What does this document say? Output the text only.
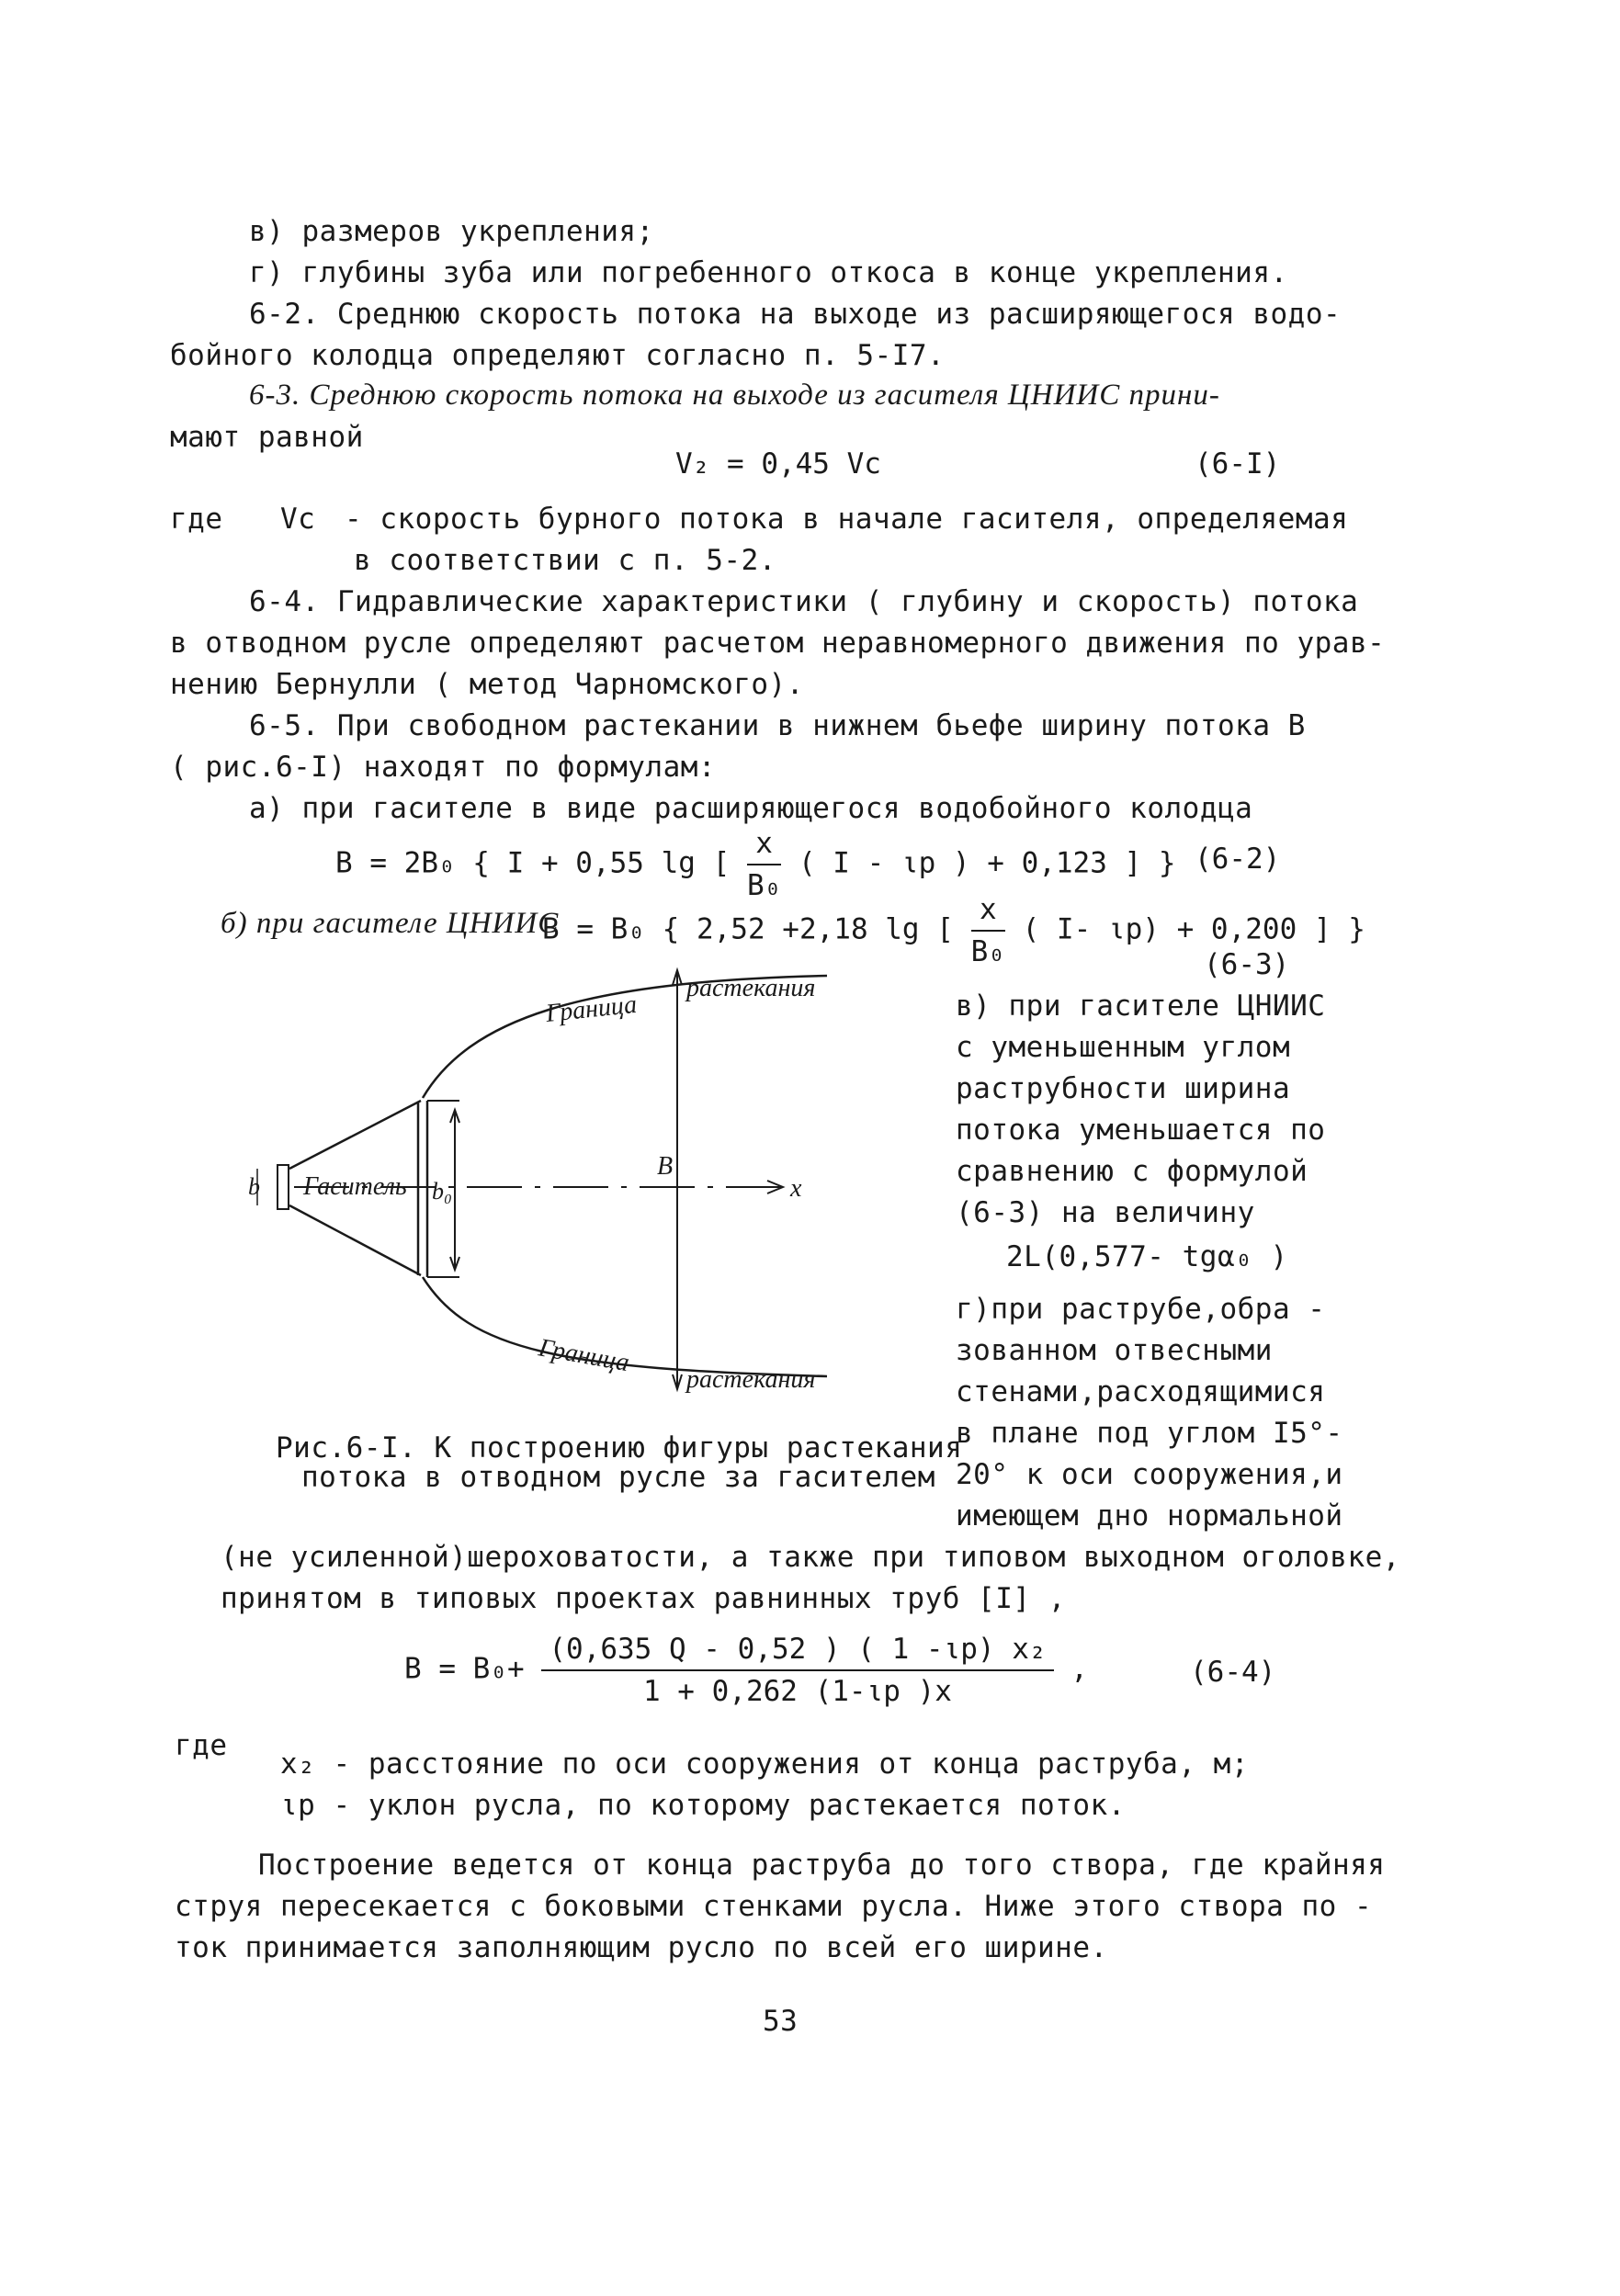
в) размеров укрепления;
г) глубины зуба или погребенного откоса в конце укрепления.
6-2. Среднюю скорость потока на выходе из расширяющегося водо-
бойного колодца определяют согласно п. 5-I7.
6-3. Среднюю скорость потока на выходе из гасителя ЦНИИС прини-
мают равной
V₂ = 0,45 Vc	(6-I)
где Vc - скорость бурного потока в начале гасителя, определяемая
в соответствии с п. 5-2.
6-4. Гидравлические характеристики ( глубину и скорость) потока
в отводном русле определяют расчетом неравномерного движения по урав-
нению Бернулли ( метод Чарномского).
6-5. При свободном растекании в нижнем бьефе ширину потока В
( рис.6-I) находят по формулам:
а) при гасителе в виде расширяющегося водобойного колодца
B = 2B₀ { I + 0,55 lg [ $\frac{x}{\text{B₀}}$ ( I - ιp ) + 0,123 ] } (6-2)
б) при гасителе ЦНИИС
B = B₀ { 2,52 +2,18 lg [ $\frac{x}{\text{B₀}}$ ( I- ιp) + 0,200 ] }
(6-3)
Гаситель
Граница
растекания
Граница
растекания
b	b₀
B
x
Рис.6-I. К построению фигуры растекания
потока в отводном русле за гасителем
в) при гасителе ЦНИИС
с уменьшенным углом
раструбности ширина
потока уменьшается по
сравнению с формулой
(6-3) на величину
2L(0,577- tgα₀ )
г)при раструбе,обра -
зованном отвесными
стенами,расходящимися
в плане под углом I5°-
20° к оси сооружения,и
имеющем дно нормальной
(не усиленной)шероховатости, а также при типовом выходном оголовке,
принятом в типовых проектах равнинных труб [I] ,
$B = B_0+ \frac{\text{(0,635 Q - 0,52 ) ( 1 -ιp) x₂}}{1 + 0,262 (1-\iota p )x}$ ,	(6-4)
где
x₂ - расстояние по оси сооружения от конца раструба, м;
ιp - уклон русла, по которому растекается поток.
Построение ведется от конца раструба до того створа, где крайняя
струя пересекается с боковыми стенками русла. Ниже этого створа по -
ток принимается заполняющим русло по всей его ширине.
53
